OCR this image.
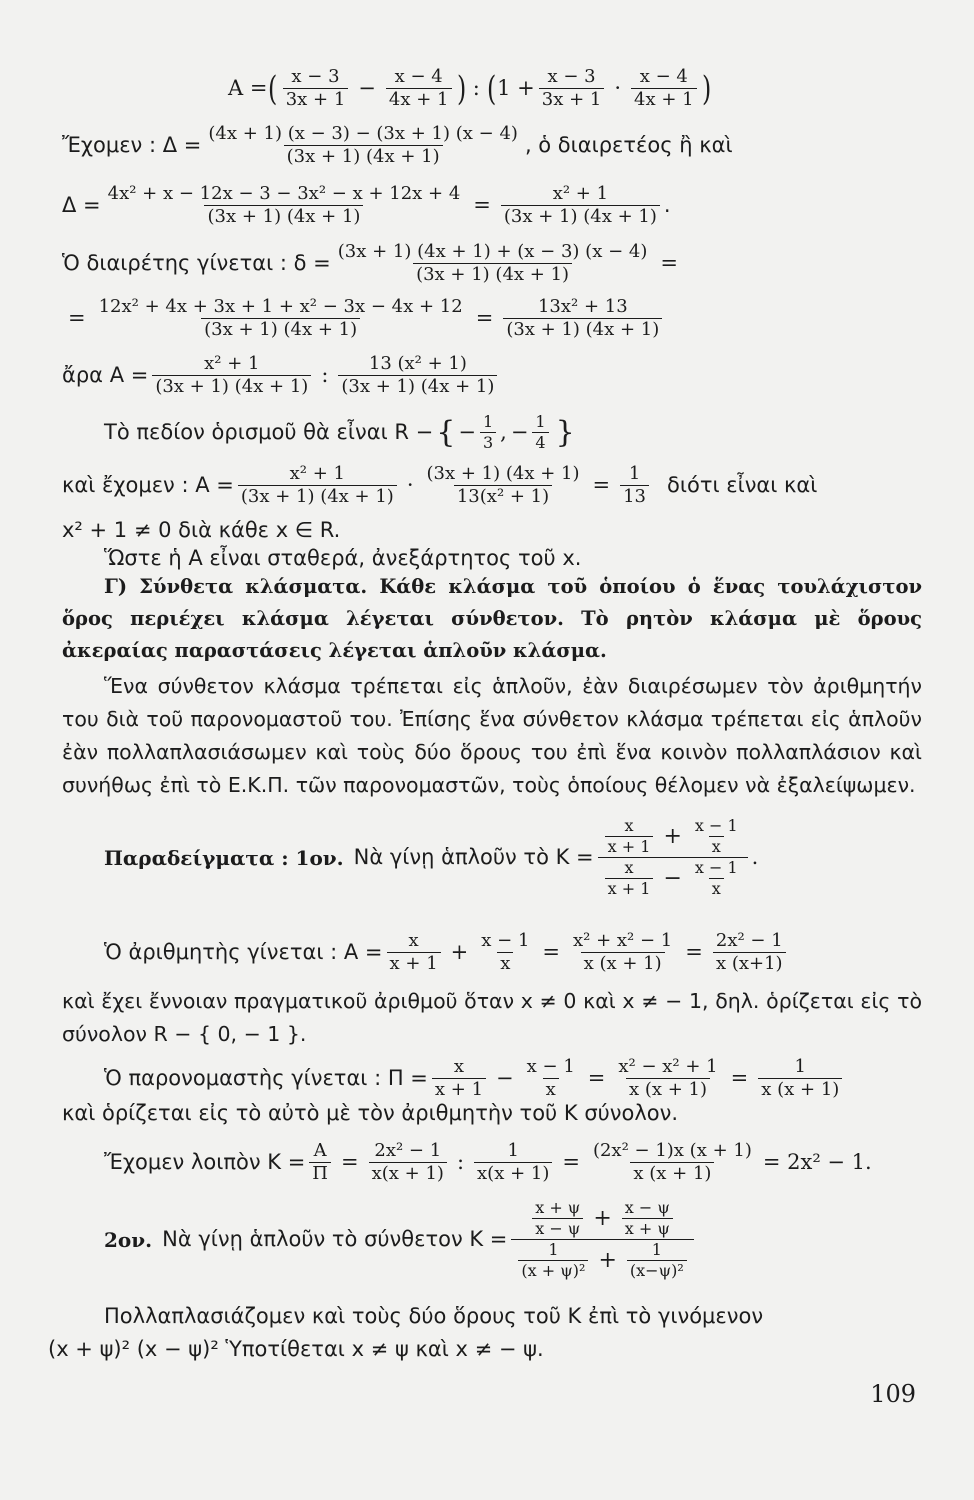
A = ( x − 3
$3x + 1 - \frac{x - 4}{4x + 1}$ ) : ( $1 + \frac{x - 3}{3x + 1} \cdot x - 4$
4x + 1 )
Ἔχομεν : $\Delta = \frac{(4x + 1) (x - 3) - (3x + 1) (x - 4)}{(3x + 1) (4x + 1)}$ , ὁ διαιρετέος ἢ καὶ
$\Delta = \frac{\text{4x² + x − 12x − 3 − 3x² − x + 12x + 4}}{(3x + 1) (4x + 1)} = \frac{\text{x² + 1}}{(3x + 1) (4x + 1)}$ .
Ὁ διαιρέτης γίνεται : $\delta = \frac{(3x + 1) (4x + 1) + (x - 3) (x - 4)}{(3x + 1) (4x + 1)}$ =
= $\frac{\text{12x² + 4x + 3x + 1 + x² − 3x − 4x + 12}}{(3x + 1) (4x + 1)} = \frac{\text{13x² + 13}}{(3x + 1) (4x + 1)}$
ἄρα $A = \frac{\text{x² + 1}}{(3x + 1) (4x + 1)}$ : 13 (x² + 1)
(3x + 1) (4x + 1)
Τὸ πεδίον ὁρισμοῦ θὰ εἶναι R − { − $\frac{1}{3}$ , − $\frac{1}{4}$ }
καὶ ἔχομεν : $A = \frac{\text{x² + 1}}{(3x + 1) (4x + 1)} \cdot \frac{(3x + 1) (4x + 1)}{\text{13(x² + 1)}} = \frac{1}{13}$ διότι εἶναι καὶ
x² + 1 ≠ 0 διὰ κάθε x ∈ R.
Ὥστε ἡ A εἶναι σταθερά, ἀνεξάρτητος τοῦ x.
Γ) Σύνθετα κλάσματα. Κάθε κλάσμα τοῦ ὁποίου ὁ ἕνας τουλάχιστον ὅρος περιέχει κλάσμα λέγεται σύνθετον. Τὸ ρητὸν κλάσμα μὲ ὅρους ἀκεραίας παραστάσεις λέγεται ἁπλοῦν κλάσμα.
Ἕνα σύνθετον κλάσμα τρέπεται εἰς ἁπλοῦν, ἐὰν διαιρέσωμεν τὸν ἀριθμητήν του διὰ τοῦ παρονομαστοῦ του. Ἐπίσης ἕνα σύνθετον κλάσμα τρέπεται εἰς ἁπλοῦν ἐὰν πολλαπλασιάσωμεν καὶ τοὺς δύο ὅρους του ἐπὶ ἕνα κοινὸν πολλαπλάσιον καὶ συνήθως ἐπὶ τὸ Ε.Κ.Π. τῶν παρονομαστῶν, τοὺς ὁποίους θέλομεν νὰ ἐξαλείψωμεν.
Παραδείγματα : 1ον. Νὰ γίνῃ ἁπλοῦν τὸ K = x
$x + 1 + \frac{x - 1}{x}$
x
$x + 1 - \frac{x - 1}{x}$ .
Ὁ ἀριθμητὴς γίνεται : $A = \frac{x}{x + 1} + \frac{x - 1}{x} = \frac{\text{x² + x² − 1}}{x (x + 1)} = \frac{\text{2x² − 1}}{x (x+1)}$
καὶ ἔχει ἔννοιαν πραγματικοῦ ἀριθμοῦ ὅταν x ≠ 0 καὶ x ≠ − 1, δηλ. ὁρίζεται εἰς τὸ σύνολον R − { 0, − 1 }.
Ὁ παρονομαστὴς γίνεται : $\Pi = \frac{x}{x + 1} - \frac{x - 1}{x} = \frac{\text{x² − x² + 1}}{x (x + 1)} = \frac{1}{x (x + 1)}$
καὶ ὁρίζεται εἰς τὸ αὐτὸ μὲ τὸν ἀριθμητὴν τοῦ K σύνολον.
Ἔχομεν λοιπὸν $K = \frac{A}{\Pi} = \frac{\text{2x² − 1}}{x(x + 1)}$ : $\frac{1}{x(x + 1)} = \frac{\text{(2x² − 1)x (x + 1)}}{x (x + 1)} = 2x^2 - 1$.
2ον. Νὰ γίνῃ ἁπλοῦν τὸ σύνθετον K = x + ψ
$x - \psi + \frac{x - \psi}{x + \psi}$
1
$(x + \psi)^2 + \frac{1}{\text{(x−ψ)²}}$
Πολλαπλασιάζομεν καὶ τοὺς δύο ὅρους τοῦ K ἐπὶ τὸ γινόμενον
(x + ψ)² (x − ψ)² Ὑποτίθεται x ≠ ψ καὶ x ≠ − ψ.
109
